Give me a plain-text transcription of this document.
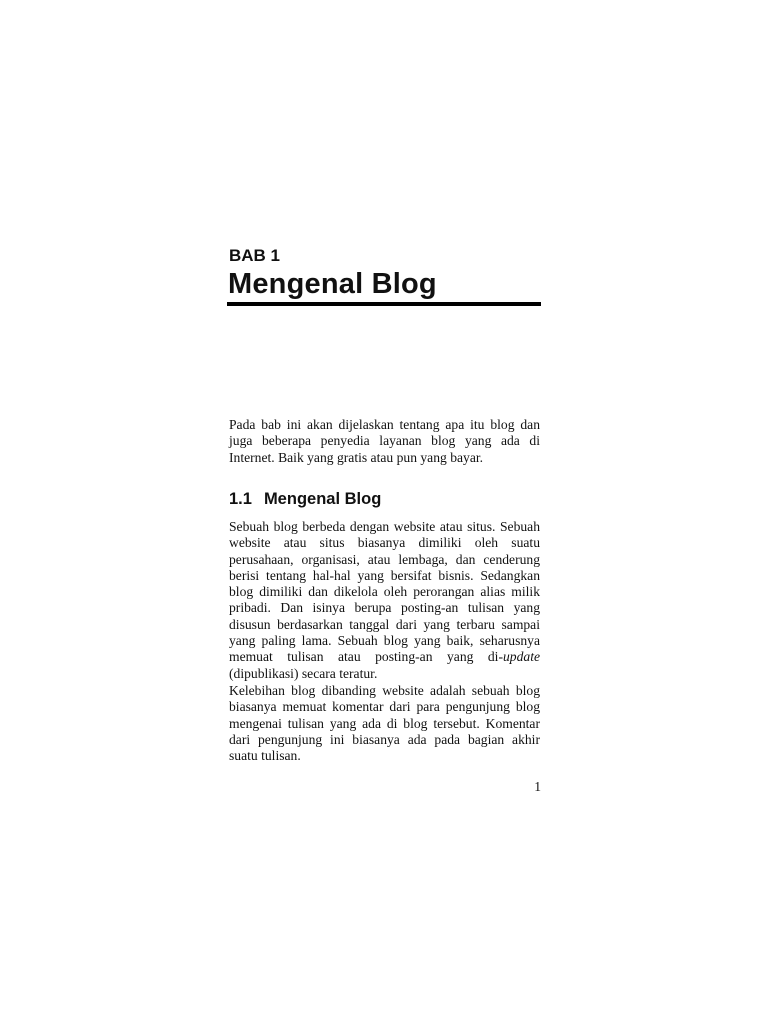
BAB 1
Mengenal Blog

Pada bab ini akan dijelaskan tentang apa itu blog dan juga beberapa penyedia layanan blog yang ada di Internet. Baik yang gratis atau pun yang bayar.

1.1 Mengenal Blog

Sebuah blog berbeda dengan website atau situs. Sebuah website atau situs biasanya dimiliki oleh suatu perusahaan, organisasi, atau lembaga, dan cenderung berisi tentang hal-hal yang bersifat bisnis. Sedangkan blog dimiliki dan dikelola oleh perorangan alias milik pribadi. Dan isinya berupa posting-an tulisan yang disusun berdasarkan tanggal dari yang terbaru sampai yang paling lama. Sebuah blog yang baik, seharusnya memuat tulisan atau posting-an yang di-update (dipublikasi) secara teratur.

Kelebihan blog dibanding website adalah sebuah blog biasanya memuat komentar dari para pengunjung blog mengenai tulisan yang ada di blog tersebut. Komentar dari pengunjung ini biasanya ada pada bagian akhir suatu tulisan.

1
